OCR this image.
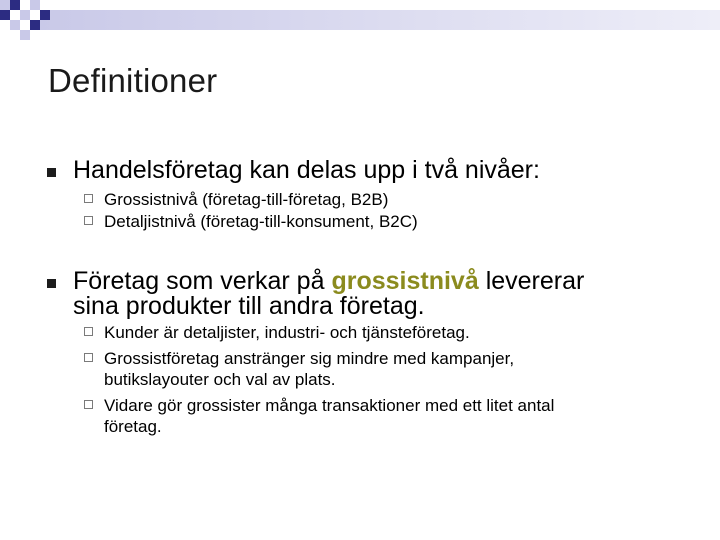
Definitioner
Handelsföretag kan delas upp i två nivåer:
Grossistnivå (företag-till-företag, B2B)
Detaljistnivå (företag-till-konsument, B2C)
Företag som verkar på grossistnivå levererar
sina produkter till andra företag.
Kunder är detaljister, industri- och tjänsteföretag.
Grossistföretag anstränger sig mindre med kampanjer,
butikslayouter och val av plats.
Vidare gör grossister många transaktioner med ett litet antal
företag.
